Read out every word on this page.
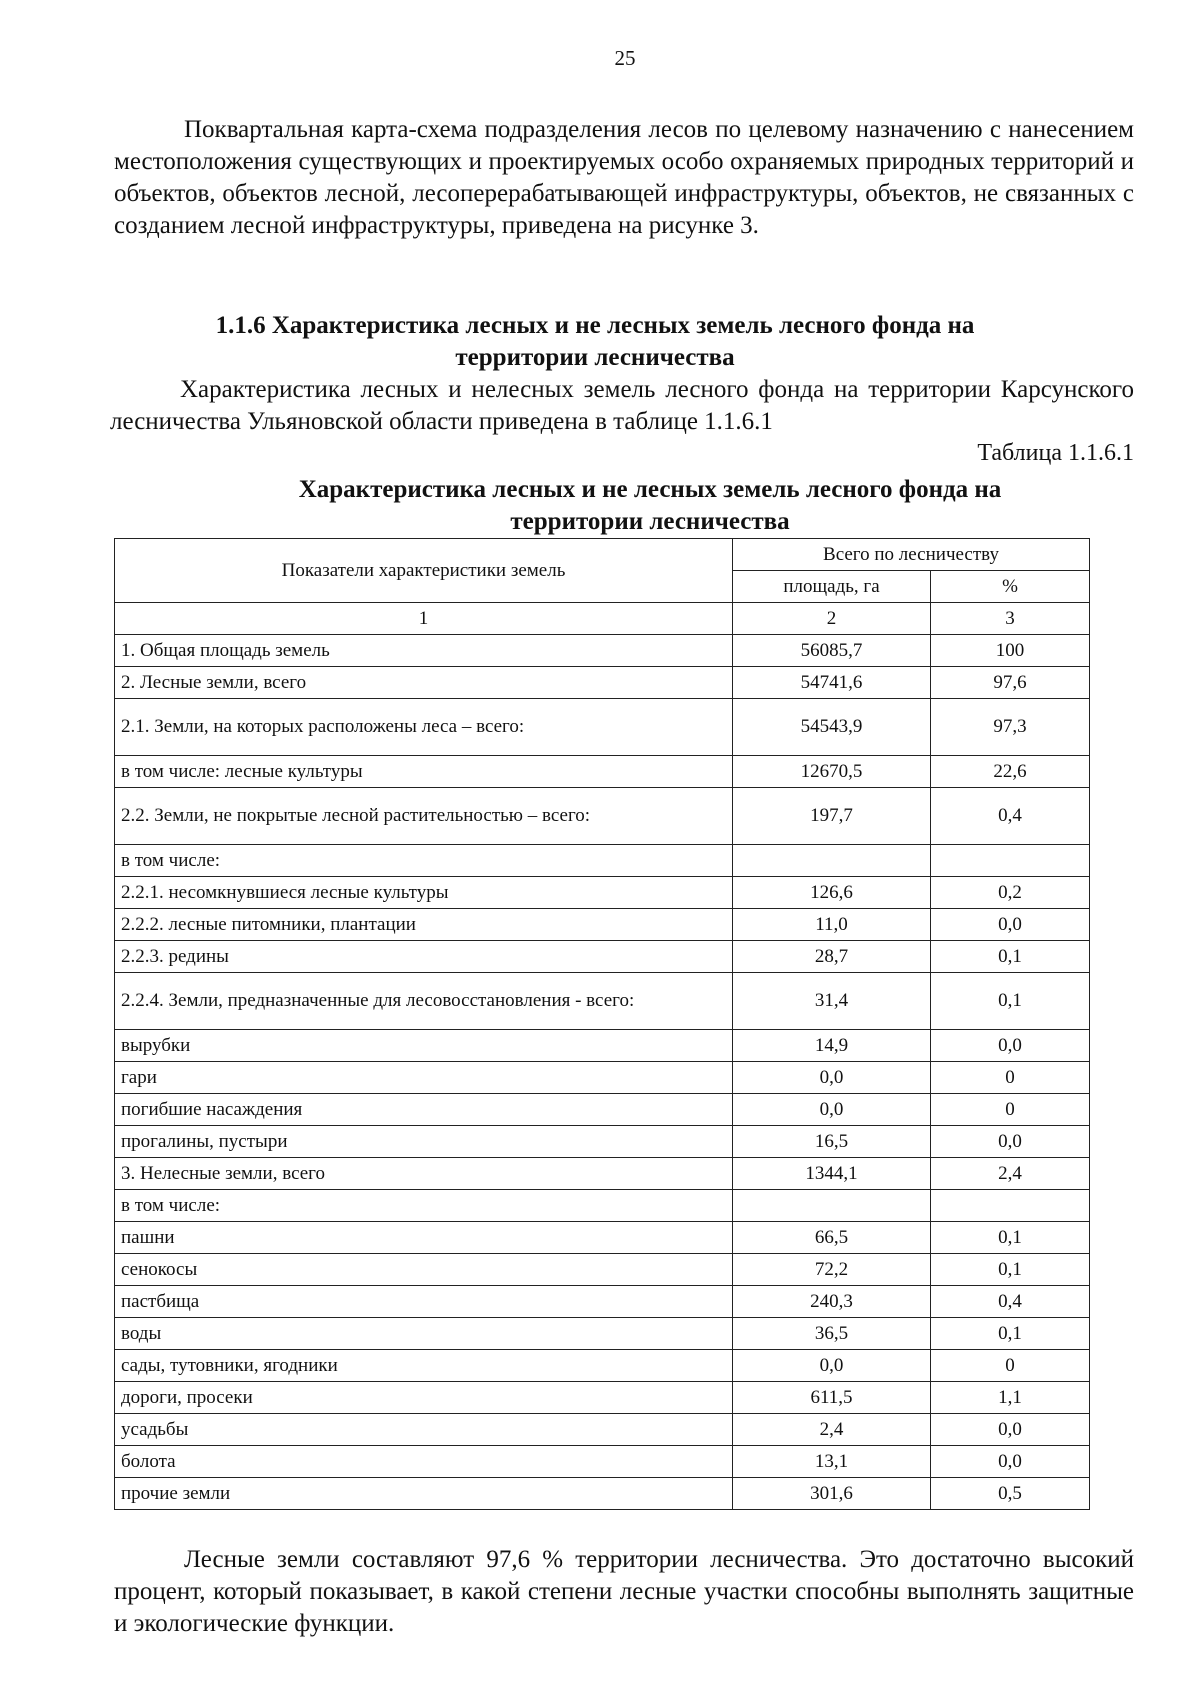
25
Поквартальная карта-схема подразделения лесов по целевому назначению с нанесением местоположения существующих и проектируемых особо охраняемых природных территорий и объектов, объектов лесной, лесоперерабатывающей инфраструктуры, объектов, не связанных с созданием лесной инфраструктуры, приведена на рисунке 3.
1.1.6 Характеристика лесных и не лесных земель лесного фонда на
территории лесничества
Характеристика лесных и нелесных земель лесного фонда на территории Карсунского лесничества Ульяновской области приведена в таблице 1.1.6.1
Таблица 1.1.6.1
Характеристика лесных и не лесных земель лесного фонда на
территории лесничества
Показатели характеристики земель	Всего по лесничеству	
	площадь, га	%
1	2	3
1. Общая площадь земель	56085,7	100
2. Лесные земли, всего	54741,6	97,6
2.1. Земли, на которых расположены леса – всего:	54543,9	97,3
в том числе: лесные культуры	12670,5	22,6
2.2. Земли, не покрытые лесной растительностью – всего:	197,7	0,4
в том числе:		
2.2.1. несомкнувшиеся лесные культуры	126,6	0,2
2.2.2. лесные питомники, плантации	11,0	0,0
2.2.3. редины	28,7	0,1
2.2.4. Земли, предназначенные для лесовосстановления - всего:	31,4	0,1
вырубки	14,9	0,0
гари	0,0	0
погибшие насаждения	0,0	0
прогалины, пустыри	16,5	0,0
3. Нелесные земли, всего	1344,1	2,4
в том числе:		
пашни	66,5	0,1
сенокосы	72,2	0,1
пастбища	240,3	0,4
воды	36,5	0,1
сады, тутовники, ягодники	0,0	0
дороги, просеки	611,5	1,1
усадьбы	2,4	0,0
болота	13,1	0,0
прочие земли	301,6	0,5
Лесные земли составляют 97,6 % территории лесничества. Это достаточно высокий процент, который показывает, в какой степени лесные участки способны выполнять защитные и экологические функции.
